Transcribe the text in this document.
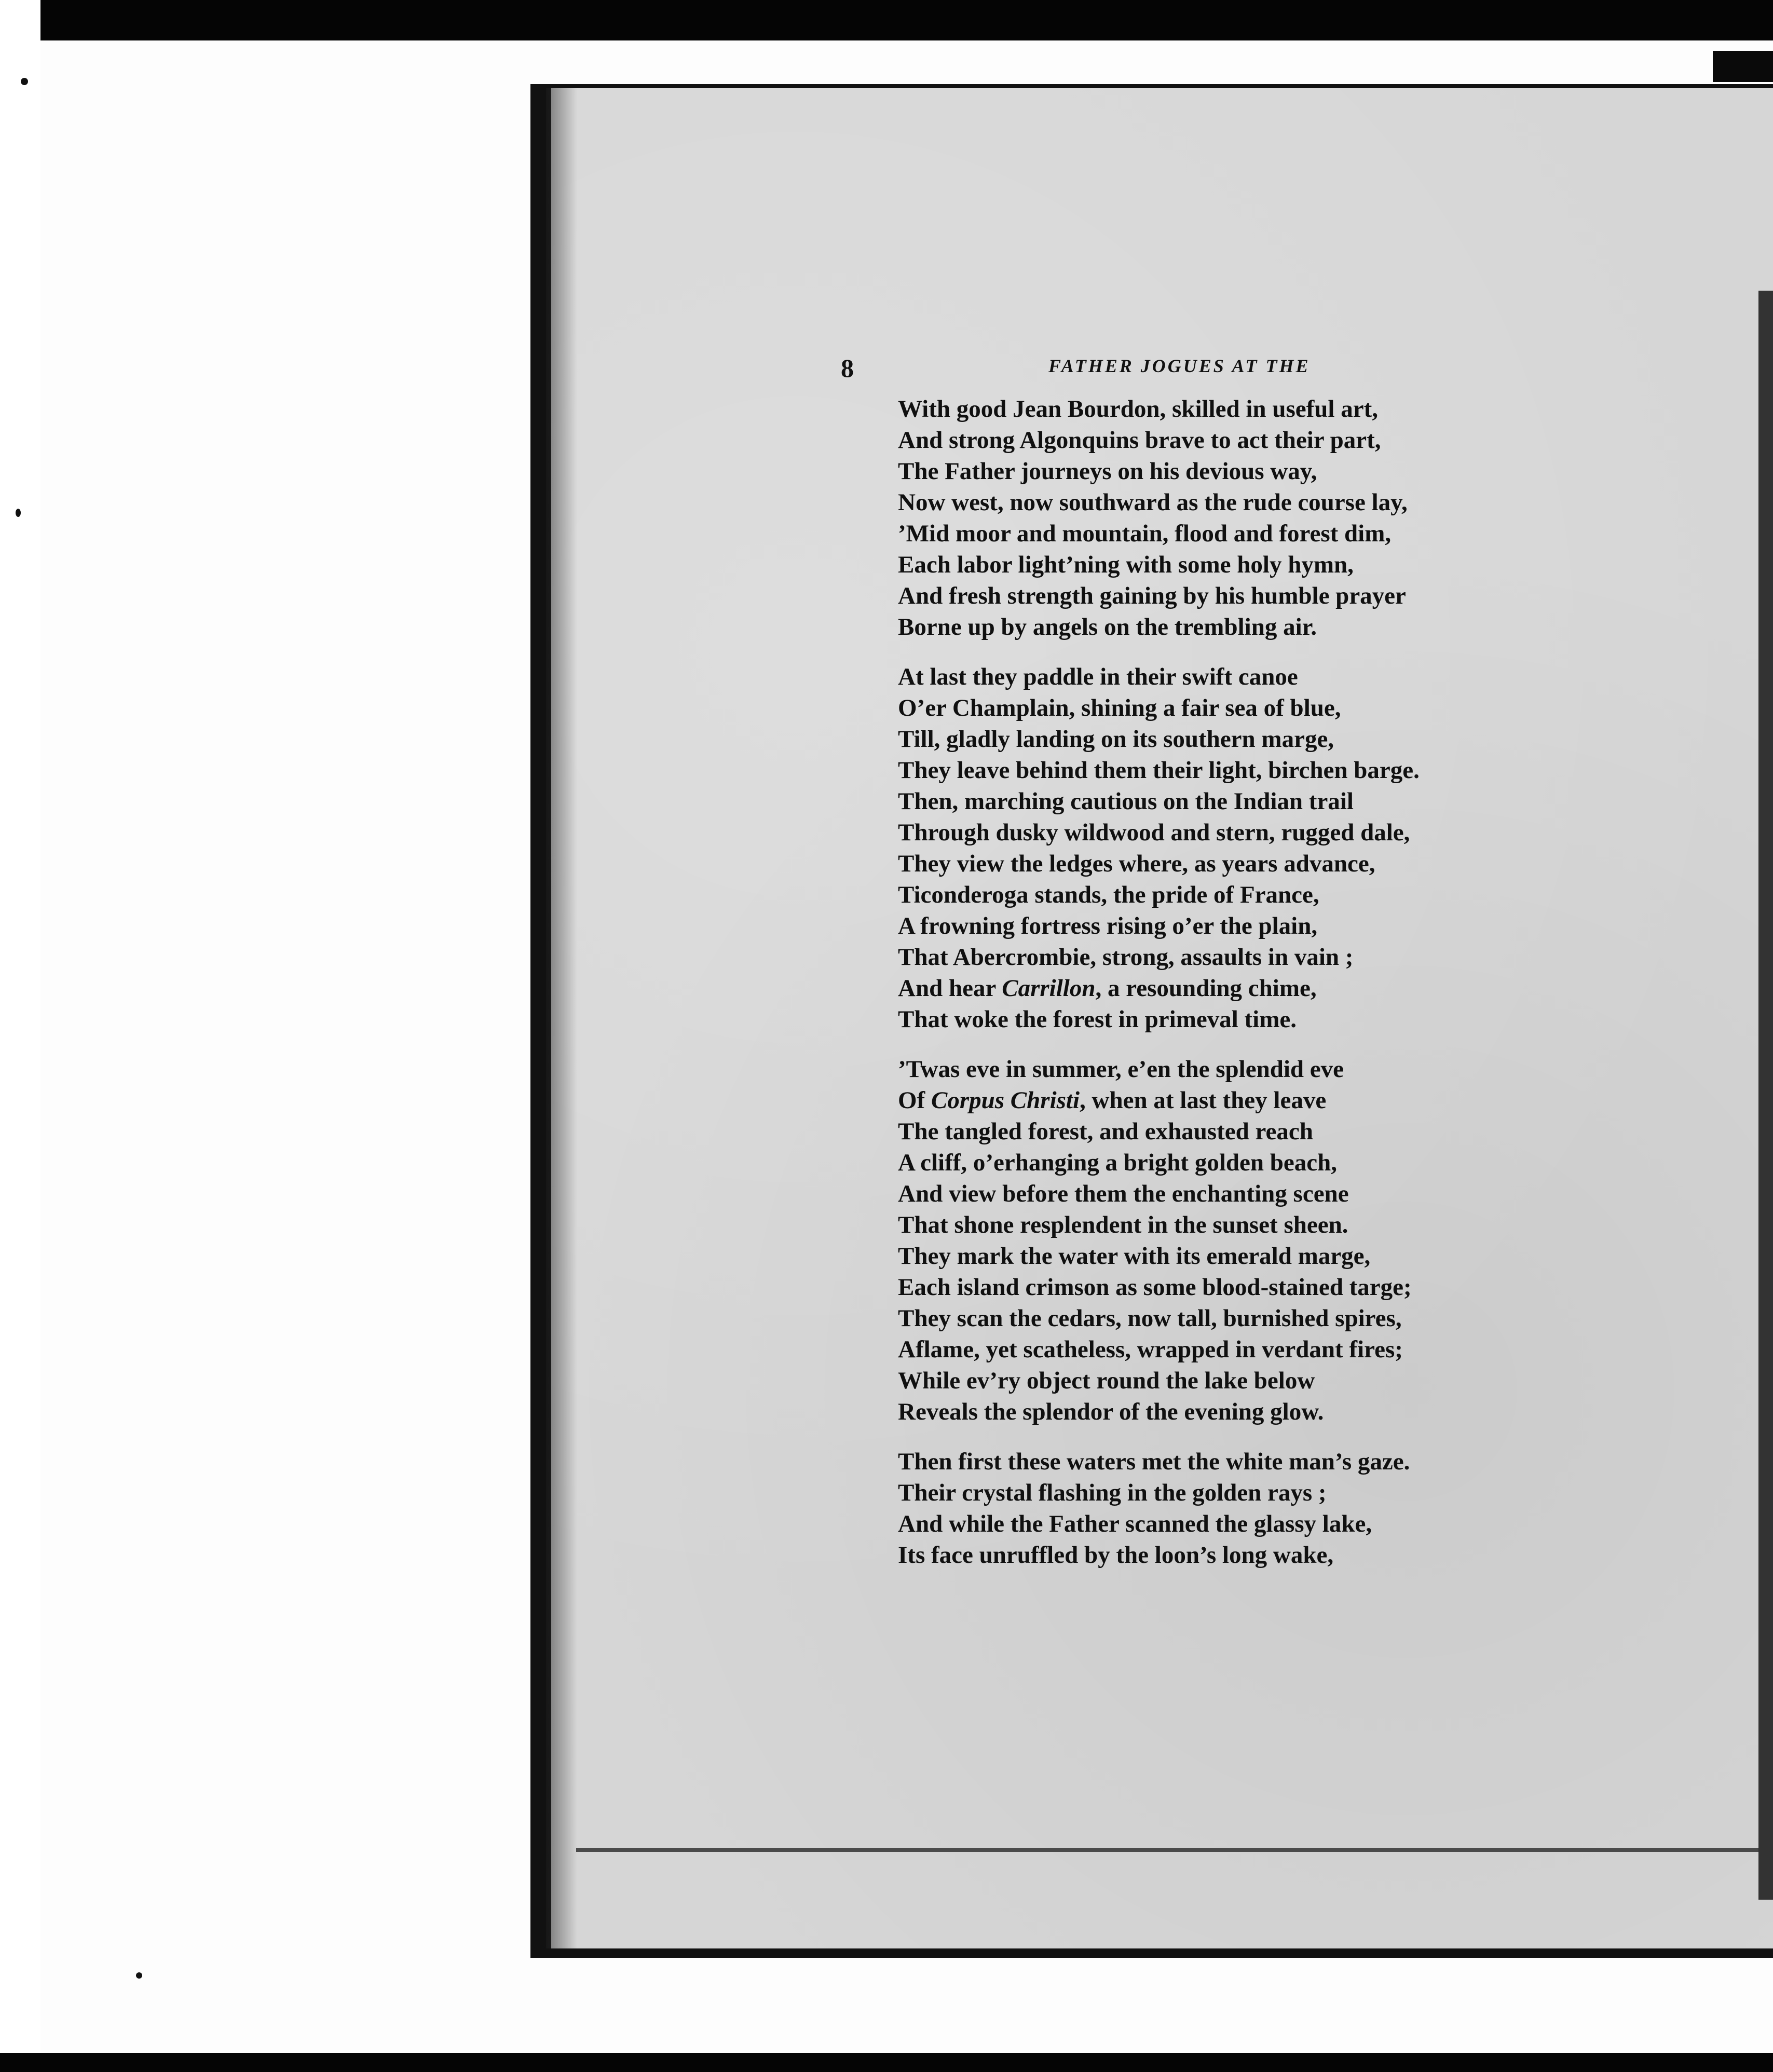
8	FATHER JOGUES AT THE
With good Jean Bourdon, skilled in useful art,
And strong Algonquins brave to act their part,
The Father journeys on his devious way,
Now west, now southward as the rude course lay,
’Mid moor and mountain, flood and forest dim,
Each labor light’ning with some holy hymn,
And fresh strength gaining by his humble prayer
Borne up by angels on the trembling air.
At last they paddle in their swift canoe
O’er Champlain, shining a fair sea of blue,
Till, gladly landing on its southern marge,
They leave behind them their light, birchen barge.
Then, marching cautious on the Indian trail
Through dusky wildwood and stern, rugged dale,
They view the ledges where, as years advance,
Ticonderoga stands, the pride of France,
A frowning fortress rising o’er the plain,
That Abercrombie, strong, assaults in vain ;
And hear Carrillon, a resounding chime,
That woke the forest in primeval time.
’Twas eve in summer, e’en the splendid eve
Of Corpus Christi, when at last they leave
The tangled forest, and exhausted reach
A cliff, o’erhanging a bright golden beach,
And view before them the enchanting scene
That shone resplendent in the sunset sheen.
They mark the water with its emerald marge,
Each island crimson as some blood-stained targe;
They scan the cedars, now tall, burnished spires,
Aflame, yet scatheless, wrapped in verdant fires;
While ev’ry object round the lake below
Reveals the splendor of the evening glow.
Then first these waters met the white man’s gaze.
Their crystal flashing in the golden rays ;
And while the Father scanned the glassy lake,
Its face unruffled by the loon’s long wake,
